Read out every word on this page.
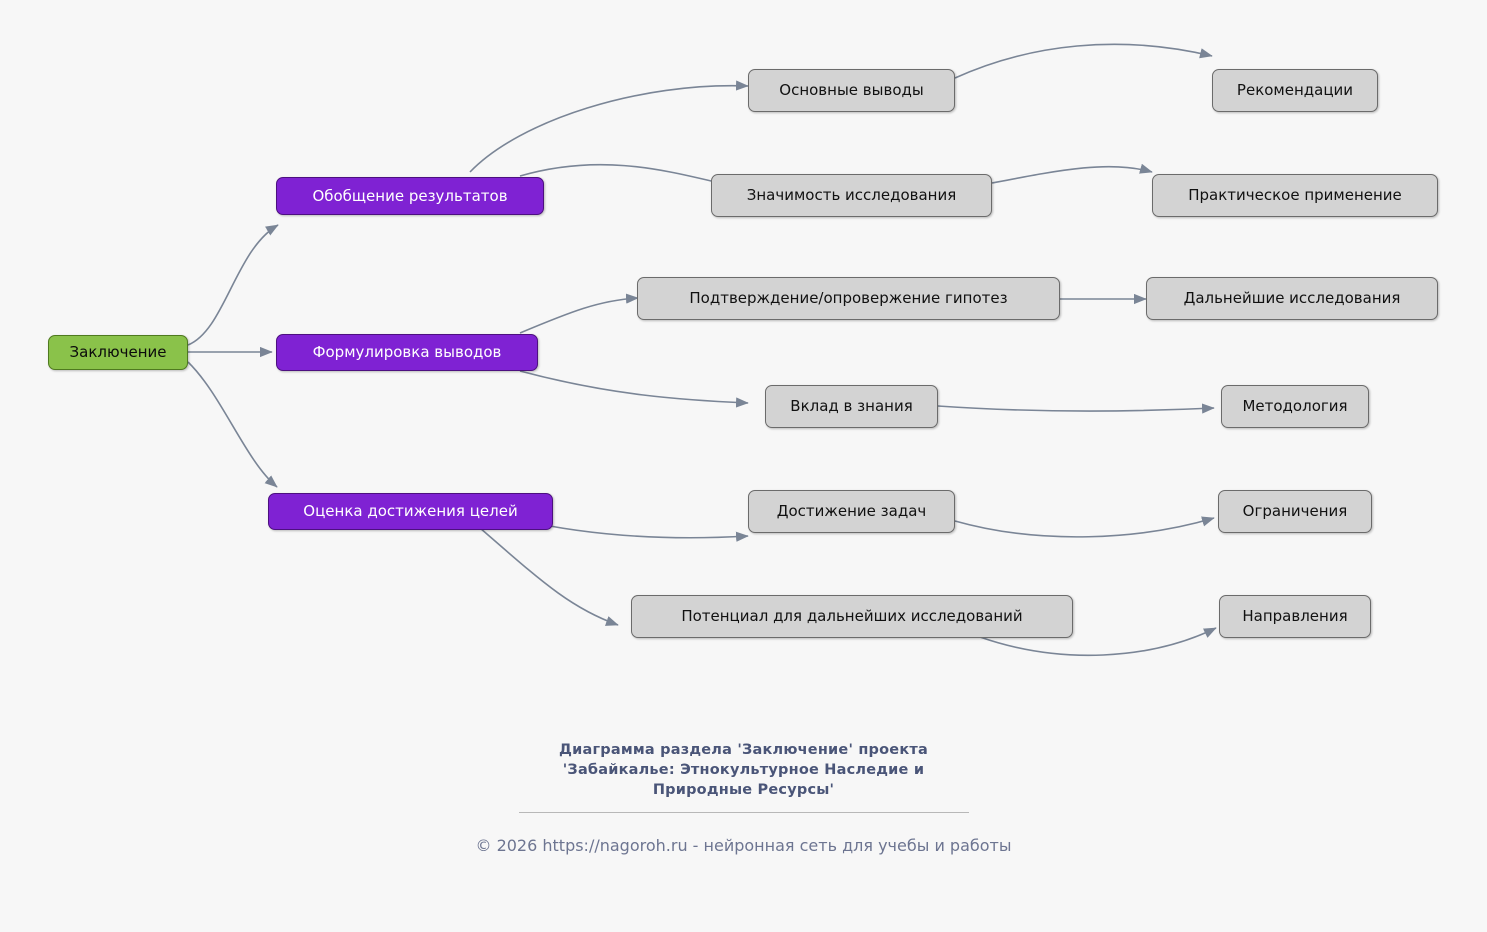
Заключение
Обобщение результатов
Формулировка выводов
Оценка достижения целей
Основные выводы
Значимость исследования
Подтверждение/опровержение гипотез
Вклад в знания
Достижение задач
Потенциал для дальнейших исследований
Рекомендации
Практическое применение
Дальнейшие исследования
Методология
Ограничения
Направления
Диаграмма раздела 'Заключение' проекта
'Забайкалье: Этнокультурное Наследие и
Природные Ресурсы'
© 2026 https://nagoroh.ru - нейронная сеть для учебы и работы
